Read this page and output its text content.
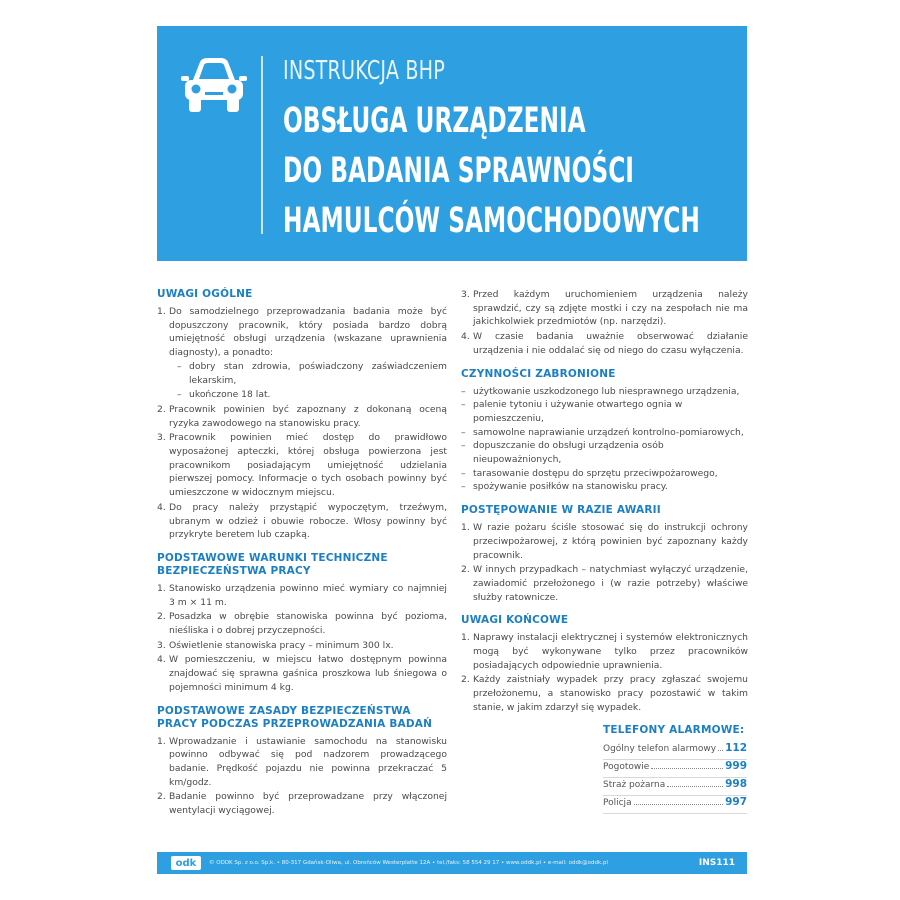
INSTRUKCJA BHP
OBSŁUGA URZĄDZENIA
DO BADANIA SPRAWNOŚCI
HAMULCÓW SAMOCHODOWYCH
UWAGI OGÓLNE
1. Do samodzielnego przeprowadzania badania może być dopuszczony pracownik, który posiada bardzo dobrą umiejętność obsługi urządzenia (wskazane uprawnienia diagnosty), a ponadto:
– dobry stan zdrowia, poświadczony zaświadczeniem lekarskim,
– ukończone 18 lat.
2. Pracownik powinien być zapoznany z dokonaną oceną ryzyka zawodowego na stanowisku pracy.
3. Pracownik powinien mieć dostęp do prawidłowo wyposażonej apteczki, której obsługa powierzona jest pracownikom posiadającym umiejętność udzielania pierwszej pomocy. Informacje o tych osobach powinny być umieszczone w widocznym miejscu.
4. Do pracy należy przystąpić wypoczętym, trzeźwym, ubranym w odzież i obuwie robocze. Włosy powinny być przykryte beretem lub czapką.
PODSTAWOWE WARUNKI TECHNICZNE BEZPIECZEŃSTWA PRACY
1. Stanowisko urządzenia powinno mieć wymiary co najmniej 3 m × 11 m.
2. Posadzka w obrębie stanowiska powinna być pozioma, nieśliska i o dobrej przyczepności.
3. Oświetlenie stanowiska pracy – minimum 300 lx.
4. W pomieszczeniu, w miejscu łatwo dostępnym powinna znajdować się sprawna gaśnica proszkowa lub śniegowa o pojemności minimum 4 kg.
PODSTAWOWE ZASADY BEZPIECZEŃSTWA PRACY PODCZAS PRZEPROWADZANIA BADAŃ
1. Wprowadzanie i ustawianie samochodu na stanowisku powinno odbywać się pod nadzorem prowadzącego badanie. Prędkość pojazdu nie powinna przekraczać 5 km/godz.
2. Badanie powinno być przeprowadzane przy włączonej wentylacji wyciągowej.
3. Przed każdym uruchomieniem urządzenia należy sprawdzić, czy są zdjęte mostki i czy na zespołach nie ma jakichkolwiek przedmiotów (np. narzędzi).
4. W czasie badania uważnie obserwować działanie urządzenia i nie oddalać się od niego do czasu wyłączenia.
CZYNNOŚCI ZABRONIONE
– użytkowanie uszkodzonego lub niesprawnego urządzenia,
– palenie tytoniu i używanie otwartego ognia w pomieszczeniu,
– samowolne naprawianie urządzeń kontrolno-pomiarowych,
– dopuszczanie do obsługi urządzenia osób nieupoważnionych,
– tarasowanie dostępu do sprzętu przeciwpożarowego,
– spożywanie posiłków na stanowisku pracy.
POSTĘPOWANIE W RAZIE AWARII
1. W razie pożaru ściśle stosować się do instrukcji ochrony przeciwpożarowej, z którą powinien być zapoznany każdy pracownik.
2. W innych przypadkach – natychmiast wyłączyć urządzenie, zawiadomić przełożonego i (w razie potrzeby) właściwe służby ratownicze.
UWAGI KOŃCOWE
1. Naprawy instalacji elektrycznej i systemów elektronicznych mogą być wykonywane tylko przez pracowników posiadających odpowiednie uprawnienia.
2. Każdy zaistniały wypadek przy pracy zgłaszać swojemu przełożonemu, a stanowisko pracy pozostawić w takim stanie, w jakim zdarzył się wypadek.
TELEFONY ALARMOWE:
Ogólny telefon alarmowy 112
Pogotowie	999
Straż pożarna	998
Policja	997
odk	© ODDK Sp. z o.o. Sp.k. • 80-317 Gdańsk-Oliwa, ul. Obrońców Westerplatte 12A • tel./faks: 58 554 29 17 • www.oddk.pl • e-mail: oddk@oddk.pl	INS111
